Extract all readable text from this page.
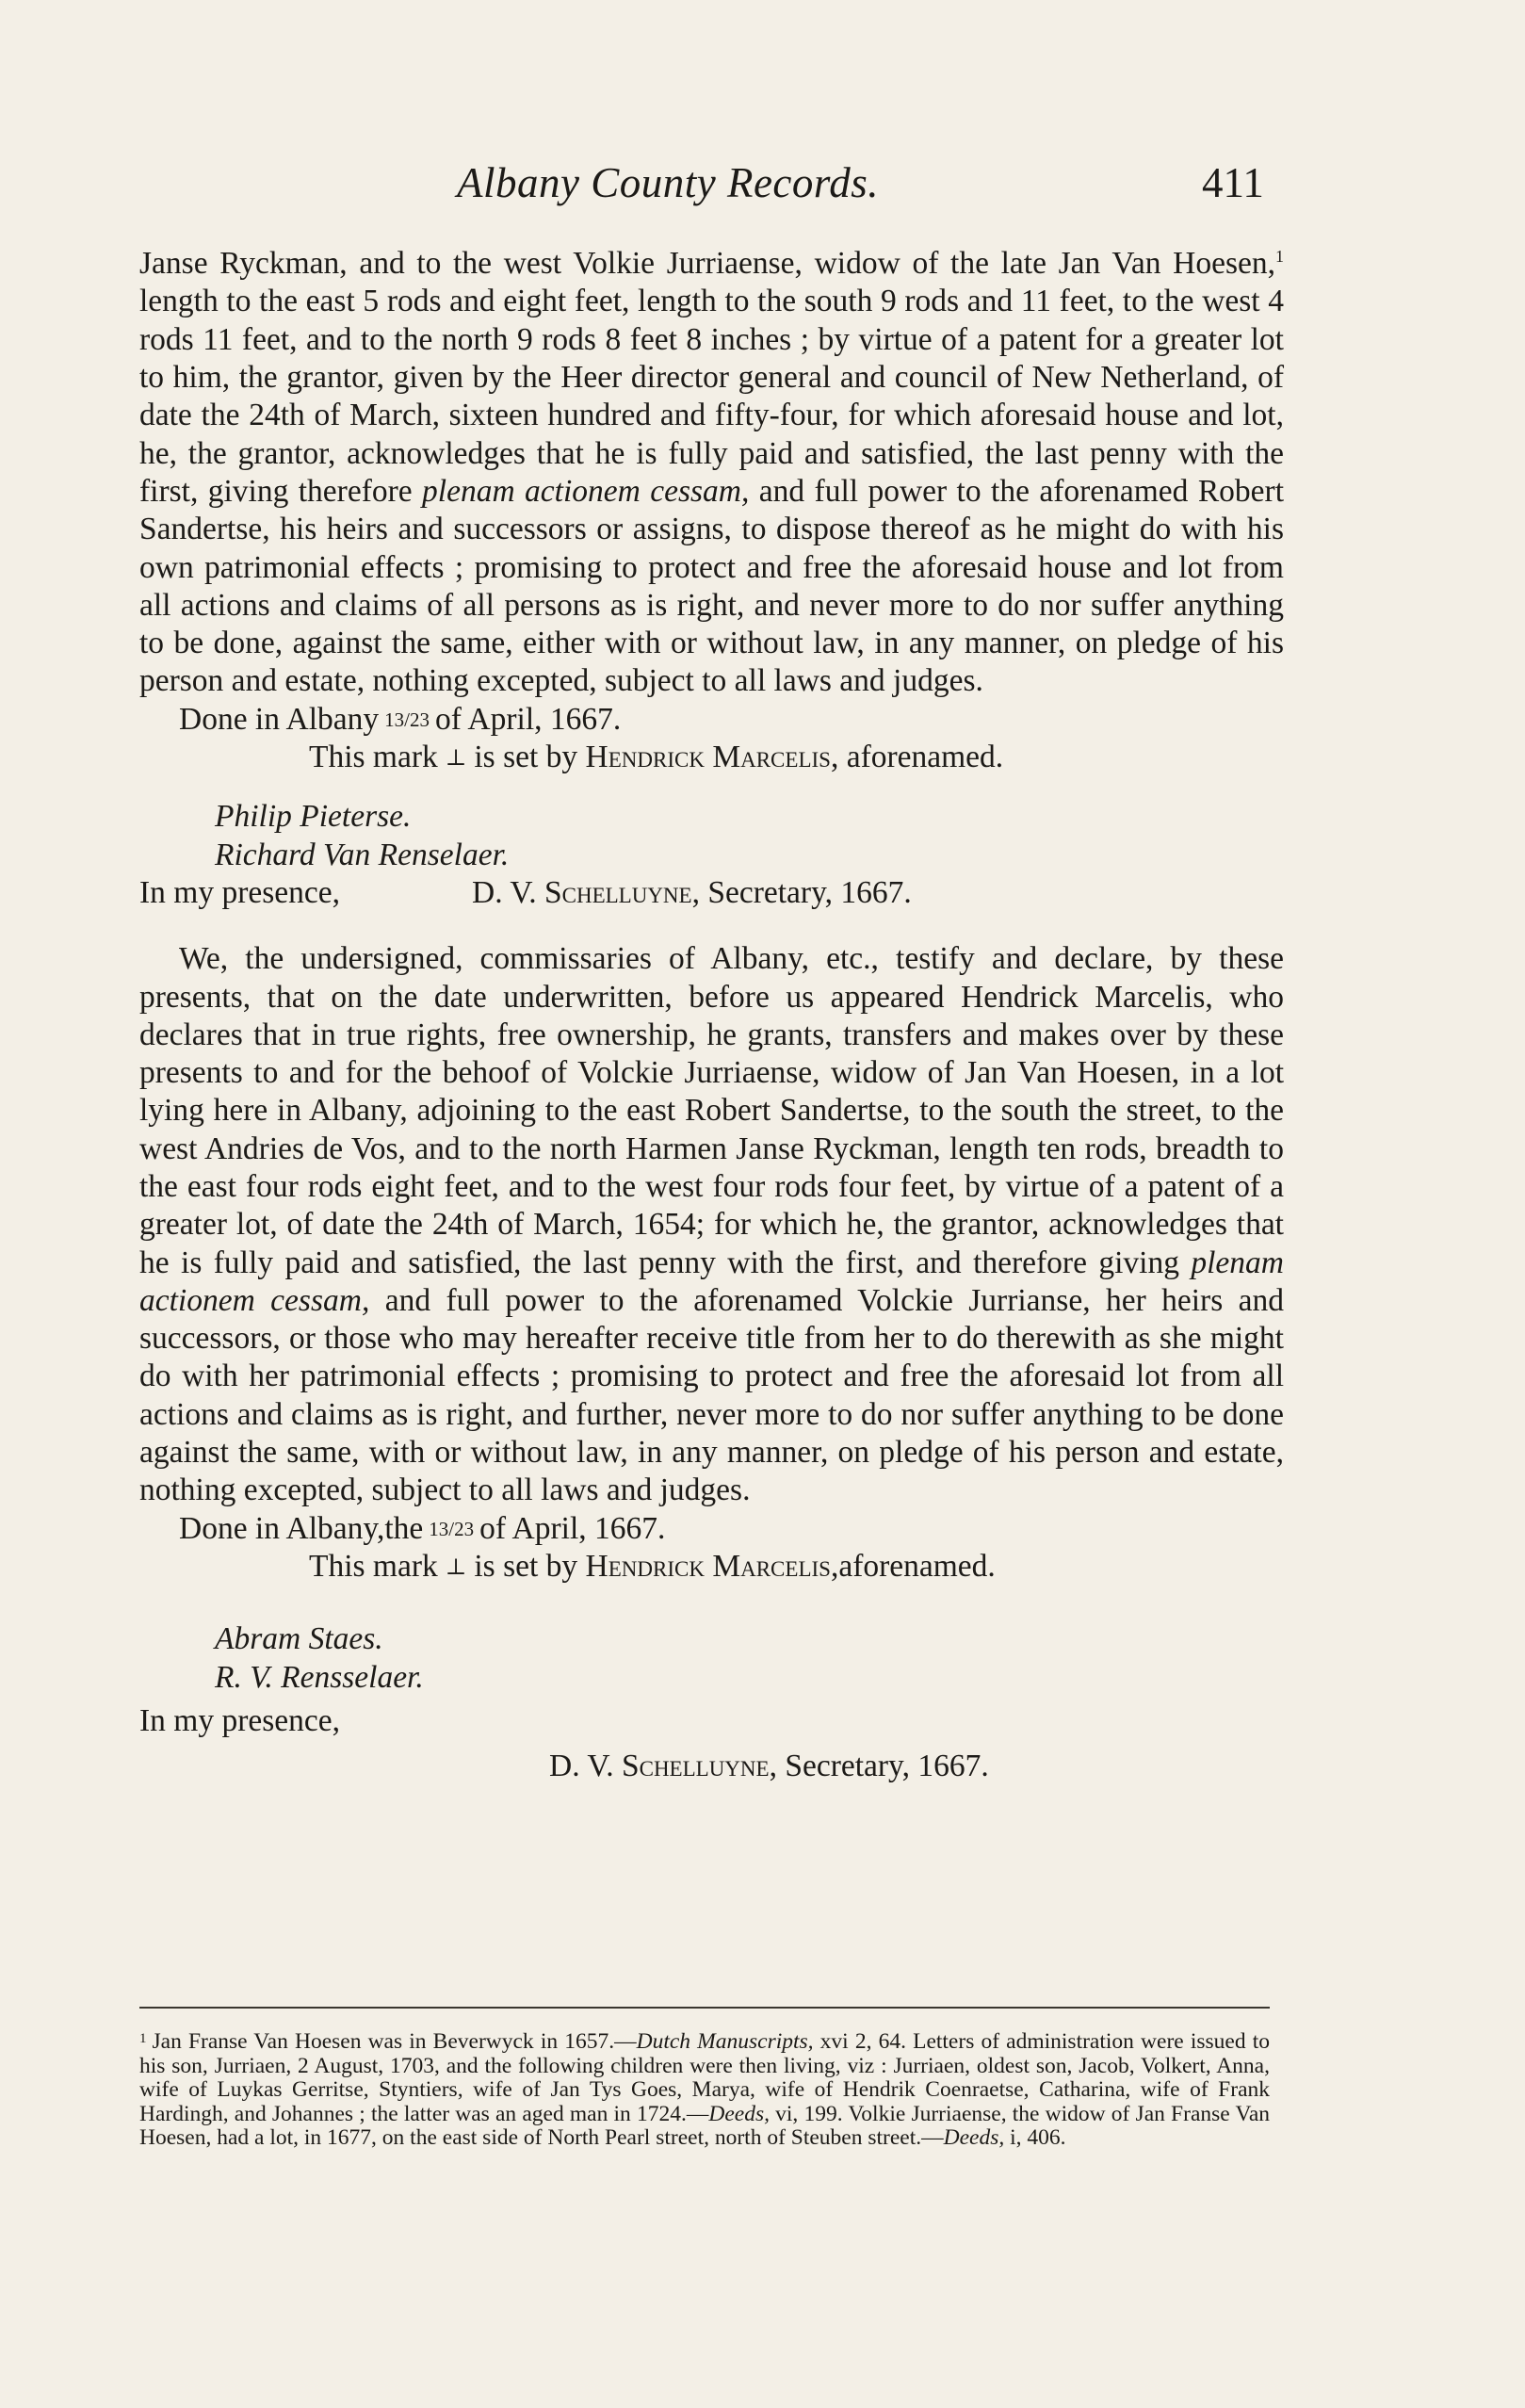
Albany County Records.	411

Janse Ryckman, and to the west Volkie Jurriaense, widow of the late Jan Van Hoesen,$^1$ length to the east 5 rods and eight feet, length to the south 9 rods and 11 feet, to the west 4 rods 11 feet, and to the north 9 rods 8 feet 8 inches ; by virtue of a patent for a greater lot to him, the grantor, given by the Heer director general and council of New Netherland, of date the 24th of March, sixteen hundred and fifty-four, for which aforesaid house and lot, he, the grantor, acknowledges that he is fully paid and satisfied, the last penny with the first, giving therefore plenam actionem cessam, and full power to the aforenamed Robert Sandertse, his heirs and successors or assigns, to dispose thereof as he might do with his own patrimonial effects ; promising to protect and free the aforesaid house and lot from all actions and claims of all persons as is right, and never more to do nor suffer anything to be done, against the same, either with or without law, in any manner, on pledge of his person and estate, nothing excepted, subject to all laws and judges.

Done in Albany 13/23 of April, 1667.

This mark ⊥ is set by Hendrick Marcelis, aforenamed.

Philip Pieterse.
Richard Van Renselaer.
In my presence,	D. V. Schelluyne, Secretary, 1667.

We, the undersigned, commissaries of Albany, etc., testify and declare, by these presents, that on the date underwritten, before us appeared Hendrick Marcelis, who declares that in true rights, free ownership, he grants, transfers and makes over by these presents to and for the behoof of Volckie Jurriaense, widow of Jan Van Hoesen, in a lot lying here in Albany, adjoining to the east Robert Sandertse, to the south the street, to the west Andries de Vos, and to the north Harmen Janse Ryckman, length ten rods, breadth to the east four rods eight feet, and to the west four rods four feet, by virtue of a patent of a greater lot, of date the 24th of March, 1654; for which he, the grantor, acknowledges that he is fully paid and satisfied, the last penny with the first, and therefore giving plenam actionem cessam, and full power to the aforenamed Volckie Jurrianse, her heirs and successors, or those who may hereafter receive title from her to do therewith as she might do with her patrimonial effects ; promising to protect and free the aforesaid lot from all actions and claims as is right, and further, never more to do nor suffer anything to be done against the same, with or without law, in any manner, on pledge of his person and estate, nothing excepted, subject to all laws and judges.

Done in Albany,the 13/23 of April, 1667.

This mark ⊥ is set by Hendrick Marcelis,aforenamed.

Abram Staes.
R. V. Rensselaer.

In my presence,

D. V. Schelluyne, Secretary, 1667.

$^1$ Jan Franse Van Hoesen was in Beverwyck in 1657.—Dutch Manuscripts, xvi 2, 64. Letters of administration were issued to his son, Jurriaen, 2 August, 1703, and the following children were then living, viz : Jurriaen, oldest son, Jacob, Volkert, Anna, wife of Luykas Gerritse, Styntiers, wife of Jan Tys Goes, Marya, wife of Hendrik Coenraetse, Catharina, wife of Frank Hardingh, and Johannes ; the latter was an aged man in 1724.—Deeds, vi, 199. Volkie Jurriaense, the widow of Jan Franse Van Hoesen, had a lot, in 1677, on the east side of North Pearl street, north of Steuben street.—Deeds, i, 406.
